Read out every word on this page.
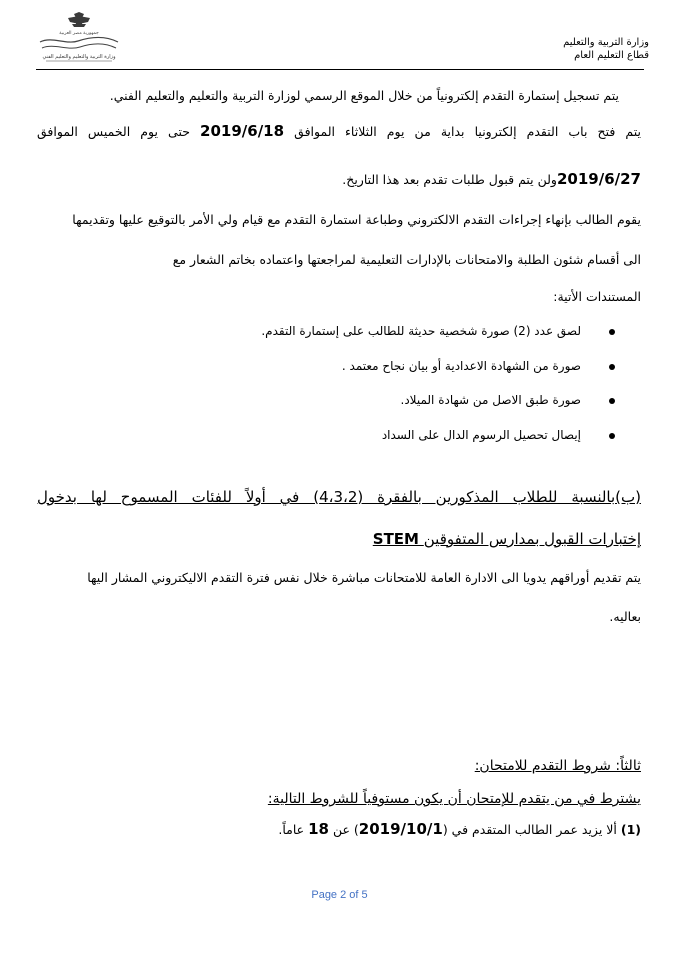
وزارة التربية والتعليم
قطاع التعليم العام
جمهورية مصر العربية
وزارة التربية والتعليم والتعليم الفني
يتم تسجيل إستمارة التقدم إلكترونياً من خلال الموقع الرسمي لوزارة التربية والتعليم والتعليم الفني.
يتم فتح باب التقدم إلكترونيا بداية من يوم الثلاثاء الموافق 2019/6/18 حتى يوم الخميس الموافق
2019/6/27ولن يتم قبول طلبات تقدم بعد هذا التاريخ.
يقوم الطالب بإنهاء إجراءات التقدم الالكتروني وطباعة استمارة التقدم مع قيام ولي الأمر بالتوقيع عليها وتقديمها
الى أقسام شئون الطلبة والامتحانات بالإدارات التعليمية لمراجعتها واعتماده بخاتم الشعار مع
المستندات الأتية:
لصق عدد (2) صورة شخصية حديثة للطالب على إستمارة التقدم.
صورة من الشهادة الاعدادية أو بيان نجاح معتمد .
صورة طبق الاصل من شهادة الميلاد.
إيصال تحصيل الرسوم الدال على السداد
(ب)بالنسبة للطلاب المذكورين بالفقرة (4،3،2) في أولاً للفئات المسموح لها بدخول
إختبارات القبول بمدارس المتفوقين STEM
يتم تقديم أوراقهم يدويا الى الادارة العامة للامتحانات مباشرة خلال نفس فترة التقدم الاليكتروني المشار اليها
بعاليه.
ثالثاً: شروط التقدم للامتحان:
يشترط في من يتقدم للإمتحان أن يكون مستوفياً للشروط التالية:
(1) ألا يزيد عمر الطالب المتقدم في (2019/10/1) عن 18 عاماً.
Page 2 of 5
